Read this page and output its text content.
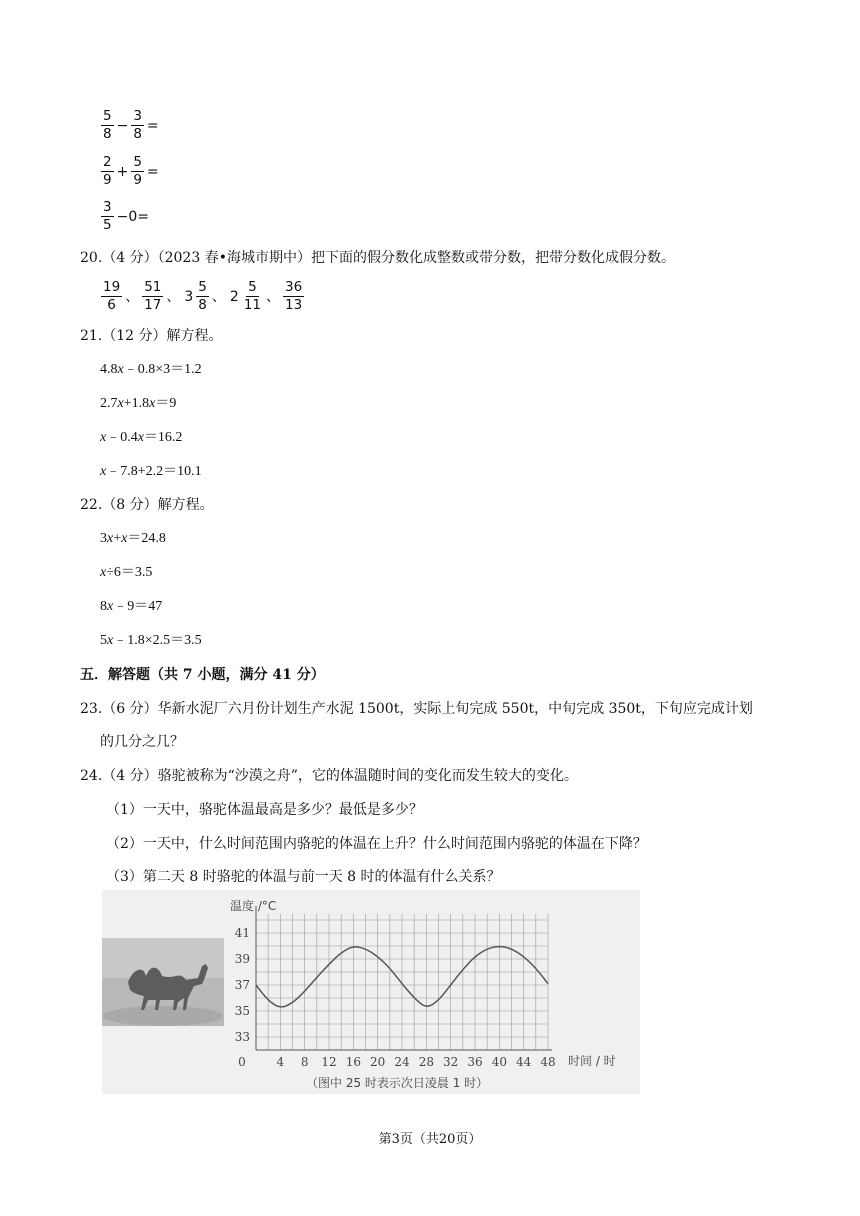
$\frac{5}{8} - \frac{3}{8}$ =
$\frac{2}{9} + \frac{5}{9}$ =
$\frac{3}{5} -0=$
20.（4 分）（2023 春•海城市期中）把下面的假分数化成整数或带分数，把带分数化成假分数。
$\frac{19}{6}$ 、 $\frac{51}{17}$ 、 $3 \frac{5}{8}$ 、 $2 \frac{5}{11}$ 、 $\frac{36}{13}$
21.（12 分）解方程。
4.8x﹣0.8×3＝1.2
2.7x+1.8x＝9
x﹣0.4x＝16.2
x﹣7.8+2.2＝10.1
22.（8 分）解方程。
3x+x＝24.8
x÷6＝3.5
8x﹣9＝47
5x﹣1.8×2.5＝3.5
五．解答题（共 7 小题，满分 41 分）
23.（6 分）华新水泥厂六月份计划生产水泥 1500t，实际上旬完成 550t，中旬完成 350t，下旬应完成计划
的几分之几？
24.（4 分）骆驼被称为“沙漠之舟”，它的体温随时间的变化而发生较大的变化。
（1）一天中，骆驼体温最高是多少？最低是多少？
（2）一天中，什么时间范围内骆驼的体温在上升？什么时间范围内骆驼的体温在下降？
（3）第二天 8 时骆驼的体温与前一天 8 时的体温有什么关系？
温度 /°C
时间 / 时
（图中 25 时表示次日凌晨 1 时）
33
35
37
39
41
0	4 8 12 16 20 24 28 32 36 40 44 48
第3页（共20页）
